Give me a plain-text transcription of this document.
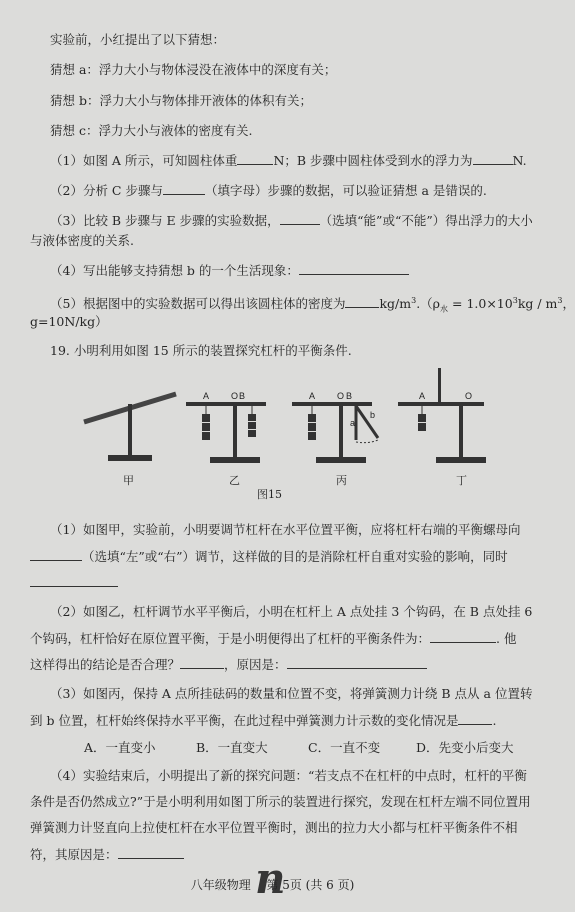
实验前，小红提出了以下猜想：
猜想 a：浮力大小与物体浸没在液体中的深度有关；
猜想 b：浮力大小与物体排开液体的体积有关；
猜想 c：浮力大小与液体的密度有关.
（1）如图 A 所示，可知圆柱体重	N；B 步骤中圆柱体受到水的浮力为	N.
（2）分析 C 步骤与	（填字母）步骤的数据，可以验证猜想 a 是错误的.
（3）比较 B 步骤与 E 步骤的实验数据，	（选填“能”或“不能”）得出浮力的大小
与液体密度的关系.
（4）写出能够支持猜想 b 的一个生活现象：
（5）根据图中的实验数据可以得出该圆柱体的密度为	$kg/m^3.(\rho_水 = 1.0\times 10^3kg / m^3$，
g=10N/kg）
19. 小明利用如图 15 所示的装置探究杠杆的平衡条件.
A O B	A O B
a
b
A	O
甲	乙	丙	丁
图15
（1）如图甲，实验前，小明要调节杠杆在水平位置平衡，应将杠杆右端的平衡螺母向
（选填“左”或“右”）调节，这样做的目的是消除杠杆自重对实验的影响，同时
（2）如图乙，杠杆调节水平平衡后，小明在杠杆上 A 点处挂 3 个钩码，在 B 点处挂 6
个钩码，杠杆恰好在原位置平衡，于是小明便得出了杠杆的平衡条件为：	. 他
这样得出的结论是否合理？	，原因是：
（3）如图丙，保持 A 点所挂砝码的数量和位置不变，将弹簧测力计绕 B 点从 a 位置转
到 b 位置，杠杆始终保持水平平衡，在此过程中弹簧测力计示数的变化情况是	.
A．一直变小	B．一直变大	C．一直不变	D．先变小后变大
（4）实验结束后，小明提出了新的探究问题：“若支点不在杠杆的中点时，杠杆的平衡
条件是否仍然成立?”于是小明利用如图丁所示的装置进行探究，发现在杠杆左端不同位置用
弹簧测力计竖直向上拉使杠杆在水平位置平衡时，测出的拉力大小都与杠杆平衡条件不相
符，其原因是：	n
八年级物理 第 5页 (共 6 页)
